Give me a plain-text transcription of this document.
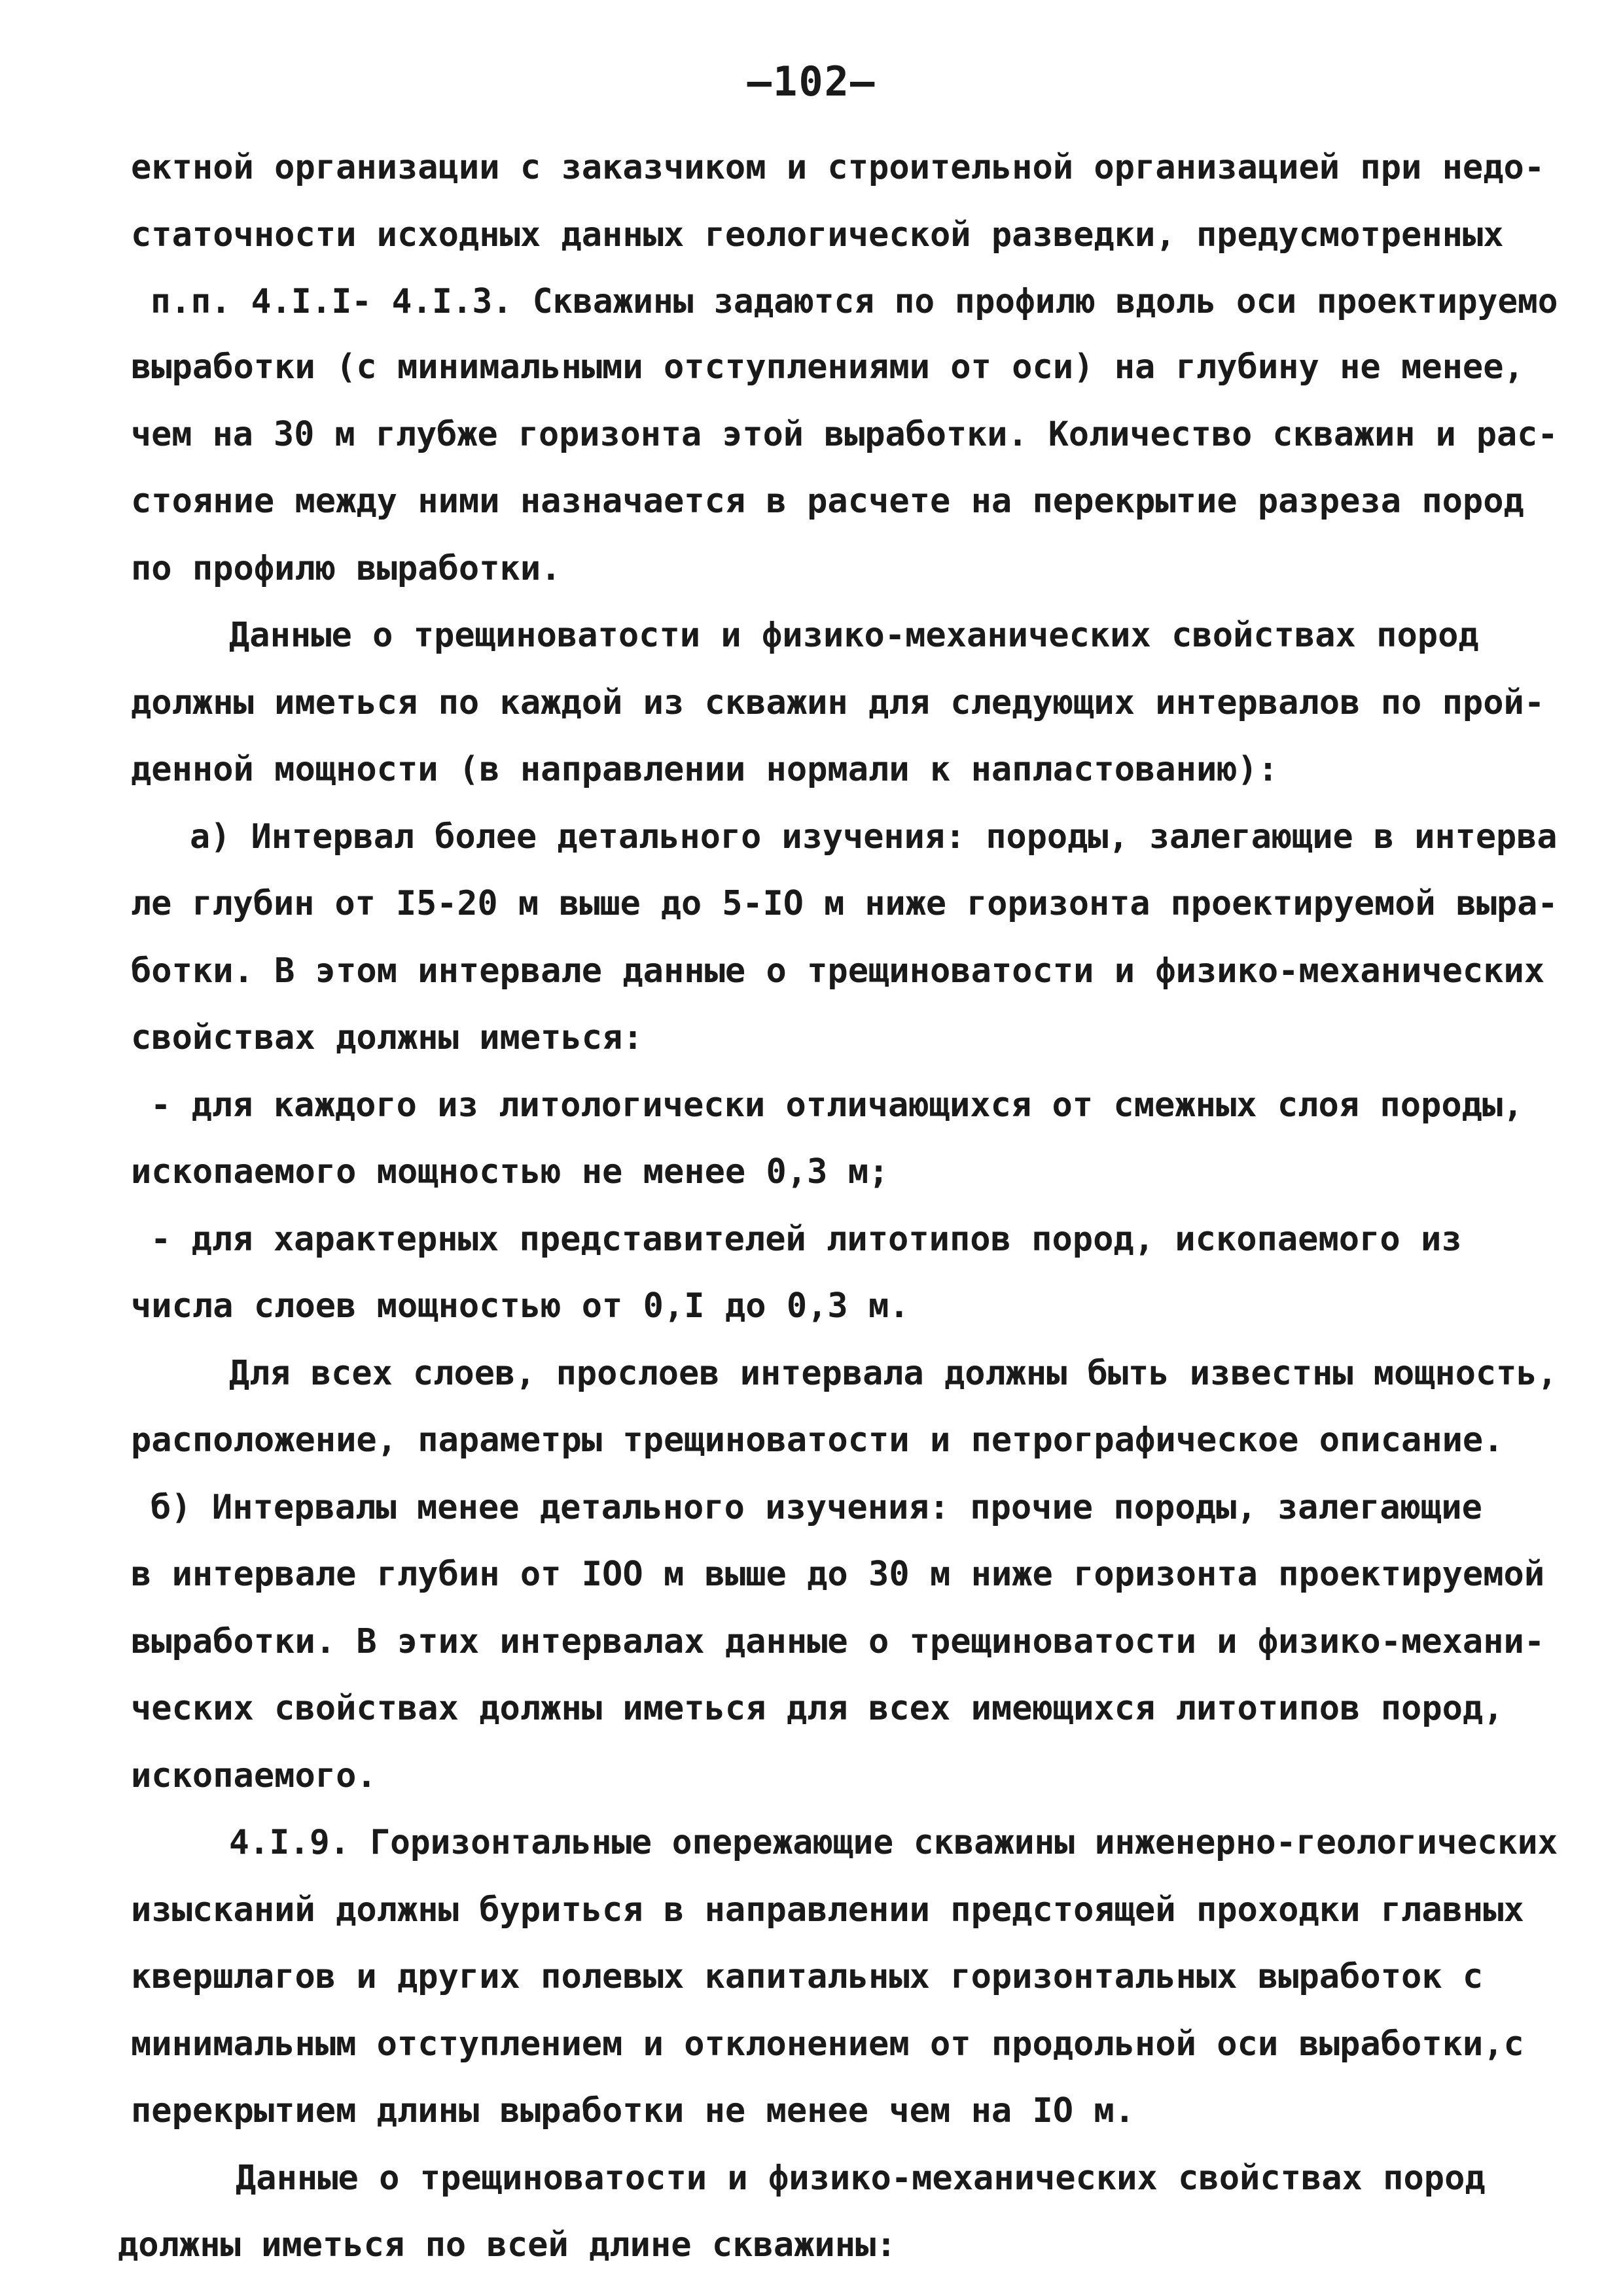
—102—
ектной организации с заказчиком и строительной организацией при недо-
статочности исходных данных геологической разведки, предусмотренных
п.п. 4.I.I- 4.I.3. Скважины задаются по профилю вдоль оси проектируемо
выработки (с минимальными отступлениями от оси) на глубину не менее,
чем на 30 м глубже горизонта этой выработки. Количество скважин и рас-
стояние между ними назначается в расчете на перекрытие разреза пород
по профилю выработки.
Данные о трещиноватости и физико-механических свойствах пород
должны иметься по каждой из скважин для следующих интервалов по прой-
денной мощности (в направлении нормали к напластованию):
а) Интервал более детального изучения: породы, залегающие в интерва
ле глубин от I5-20 м выше до 5-IO м ниже горизонта проектируемой выра-
ботки. В этом интервале данные о трещиноватости и физико-механических
свойствах должны иметься:
- для каждого из литологически отличающихся от смежных слоя породы,
ископаемого мощностью не менее 0,3 м;
- для характерных представителей литотипов пород, ископаемого из
числа слоев мощностью от 0,I до 0,3 м.
Для всех слоев, прослоев интервала должны быть известны мощность,
расположение, параметры трещиноватости и петрографическое описание.
б) Интервалы менее детального изучения: прочие породы, залегающие
в интервале глубин от IOO м выше до 30 м ниже горизонта проектируемой
выработки. В этих интервалах данные о трещиноватости и физико-механи-
ческих свойствах должны иметься для всех имеющихся литотипов пород,
ископаемого.
4.I.9. Горизонтальные опережающие скважины инженерно-геологических
изысканий должны буриться в направлении предстоящей проходки главных
квершлагов и других полевых капитальных горизонтальных выработок с
минимальным отступлением и отклонением от продольной оси выработки,с
перекрытием длины выработки не менее чем на IO м.
Данные о трещиноватости и физико-механических свойствах пород
должны иметься по всей длине скважины:
